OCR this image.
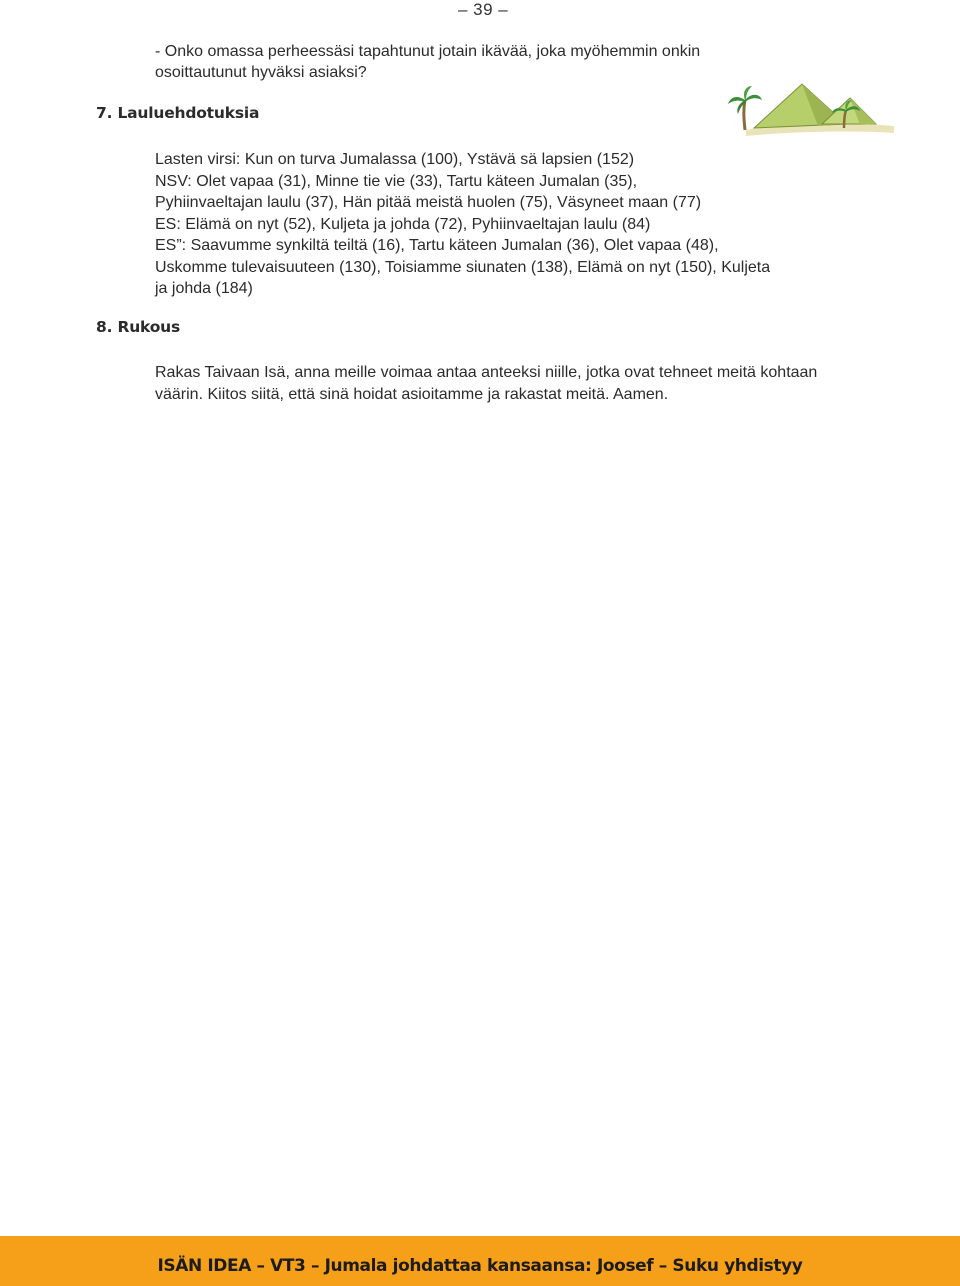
– 39 –
- Onko omassa perheessäsi tapahtunut jotain ikävää, joka myöhemmin onkin osoittautunut hyväksi asiaksi?
7. Lauluehdotuksia

Lasten virsi: Kun on turva Jumalassa (100), Ystävä sä lapsien (152)

NSV: Olet vapaa (31), Minne tie vie (33), Tartu käteen Jumalan (35),

Pyhiinvaeltajan laulu (37), Hän pitää meistä huolen (75), Väsyneet maan (77)

ES: Elämä on nyt (52), Kuljeta ja johda (72), Pyhiinvaeltajan laulu (84)

ES”: Saavumme synkiltä teiltä (16), Tartu käteen Jumalan (36), Olet vapaa (48),

Uskomme tulevaisuuteen (130), Toisiamme siunaten (138), Elämä on nyt (150), Kuljeta

ja johda (184)

8. Rukous

Rakas Taivaan Isä, anna meille voimaa antaa anteeksi niille, jotka ovat tehneet meitä kohtaan väärin. Kiitos siitä, että sinä hoidat asioitamme ja rakastat meitä. Aamen.

ISÄN IDEA – VT3 – Jumala johdattaa kansaansa: Joosef – Suku yhdistyy
